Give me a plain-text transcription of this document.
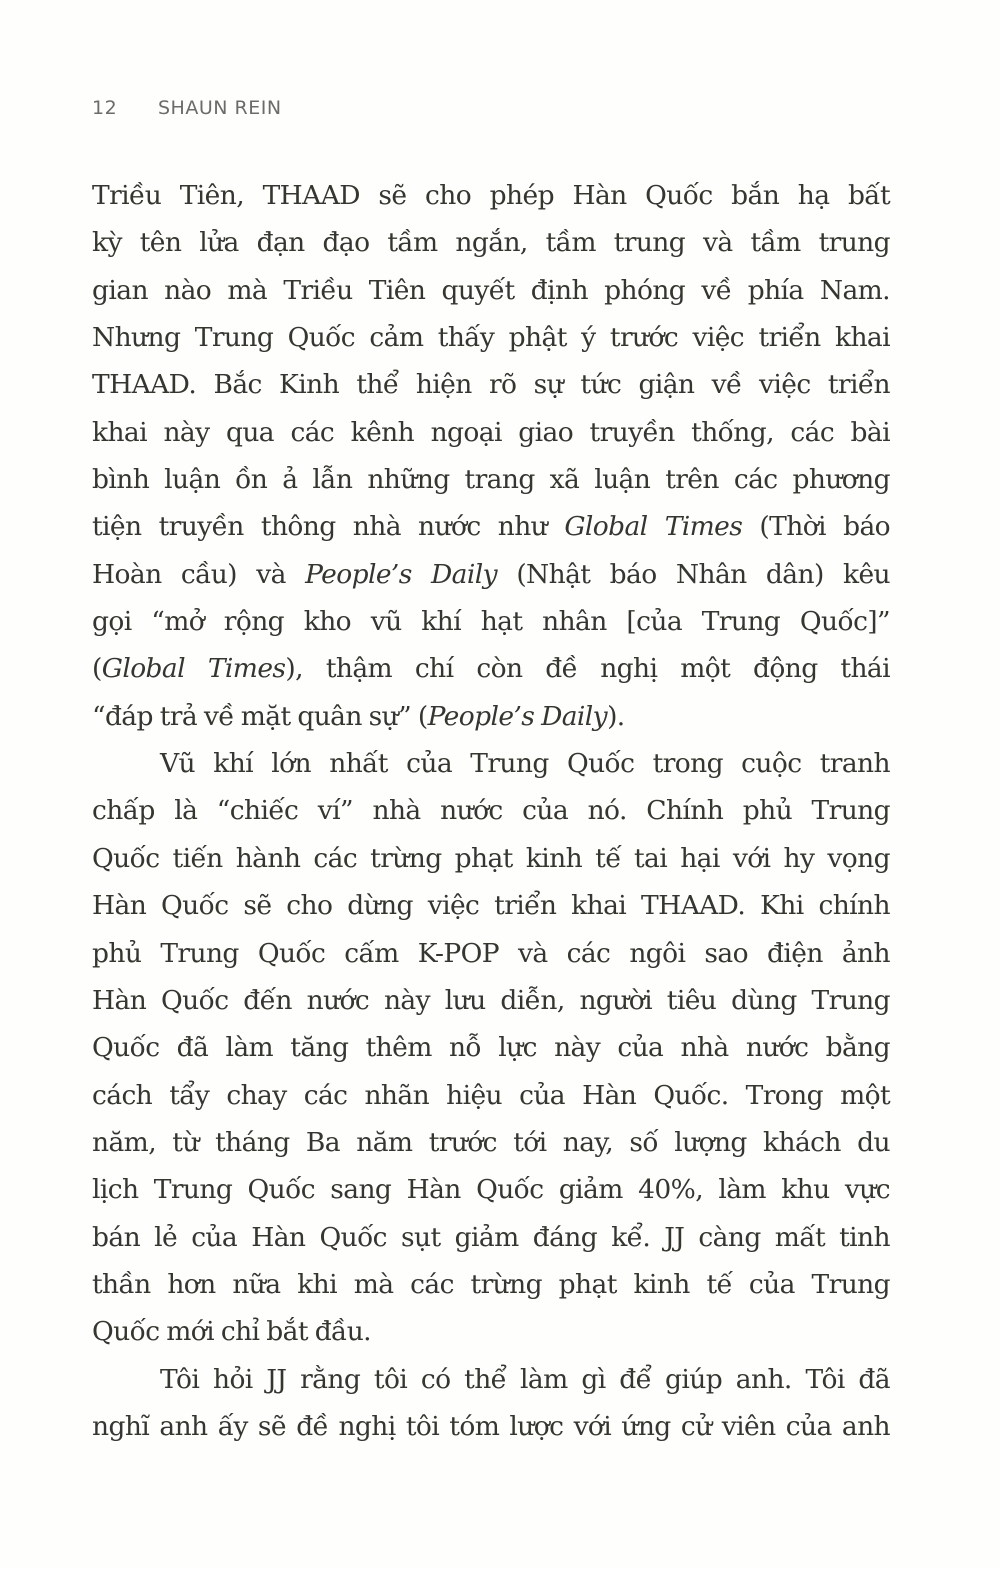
12 SHAUN REIN
Triều Tiên, THAAD sẽ cho phép Hàn Quốc bắn hạ bất
kỳ tên lửa đạn đạo tầm ngắn, tầm trung và tầm trung
gian nào mà Triều Tiên quyết định phóng về phía Nam.
Nhưng Trung Quốc cảm thấy phật ý trước việc triển khai
THAAD. Bắc Kinh thể hiện rõ sự tức giận về việc triển
khai này qua các kênh ngoại giao truyền thống, các bài
bình luận ồn ả lẫn những trang xã luận trên các phương
tiện truyền thông nhà nước như Global Times (Thời báo
Hoàn cầu) và People’s Daily (Nhật báo Nhân dân) kêu
gọi “mở rộng kho vũ khí hạt nhân [của Trung Quốc]”
(Global Times), thậm chí còn đề nghị một động thái
“đáp trả về mặt quân sự” (People’s Daily).
Vũ khí lớn nhất của Trung Quốc trong cuộc tranh
chấp là “chiếc ví” nhà nước của nó. Chính phủ Trung
Quốc tiến hành các trừng phạt kinh tế tai hại với hy vọng
Hàn Quốc sẽ cho dừng việc triển khai THAAD. Khi chính
phủ Trung Quốc cấm K-POP và các ngôi sao điện ảnh
Hàn Quốc đến nước này lưu diễn, người tiêu dùng Trung
Quốc đã làm tăng thêm nỗ lực này của nhà nước bằng
cách tẩy chay các nhãn hiệu của Hàn Quốc. Trong một
năm, từ tháng Ba năm trước tới nay, số lượng khách du
lịch Trung Quốc sang Hàn Quốc giảm 40%, làm khu vực
bán lẻ của Hàn Quốc sụt giảm đáng kể. JJ càng mất tinh
thần hơn nữa khi mà các trừng phạt kinh tế của Trung
Quốc mới chỉ bắt đầu.
Tôi hỏi JJ rằng tôi có thể làm gì để giúp anh. Tôi đã
nghĩ anh ấy sẽ đề nghị tôi tóm lược với ứng cử viên của anh
